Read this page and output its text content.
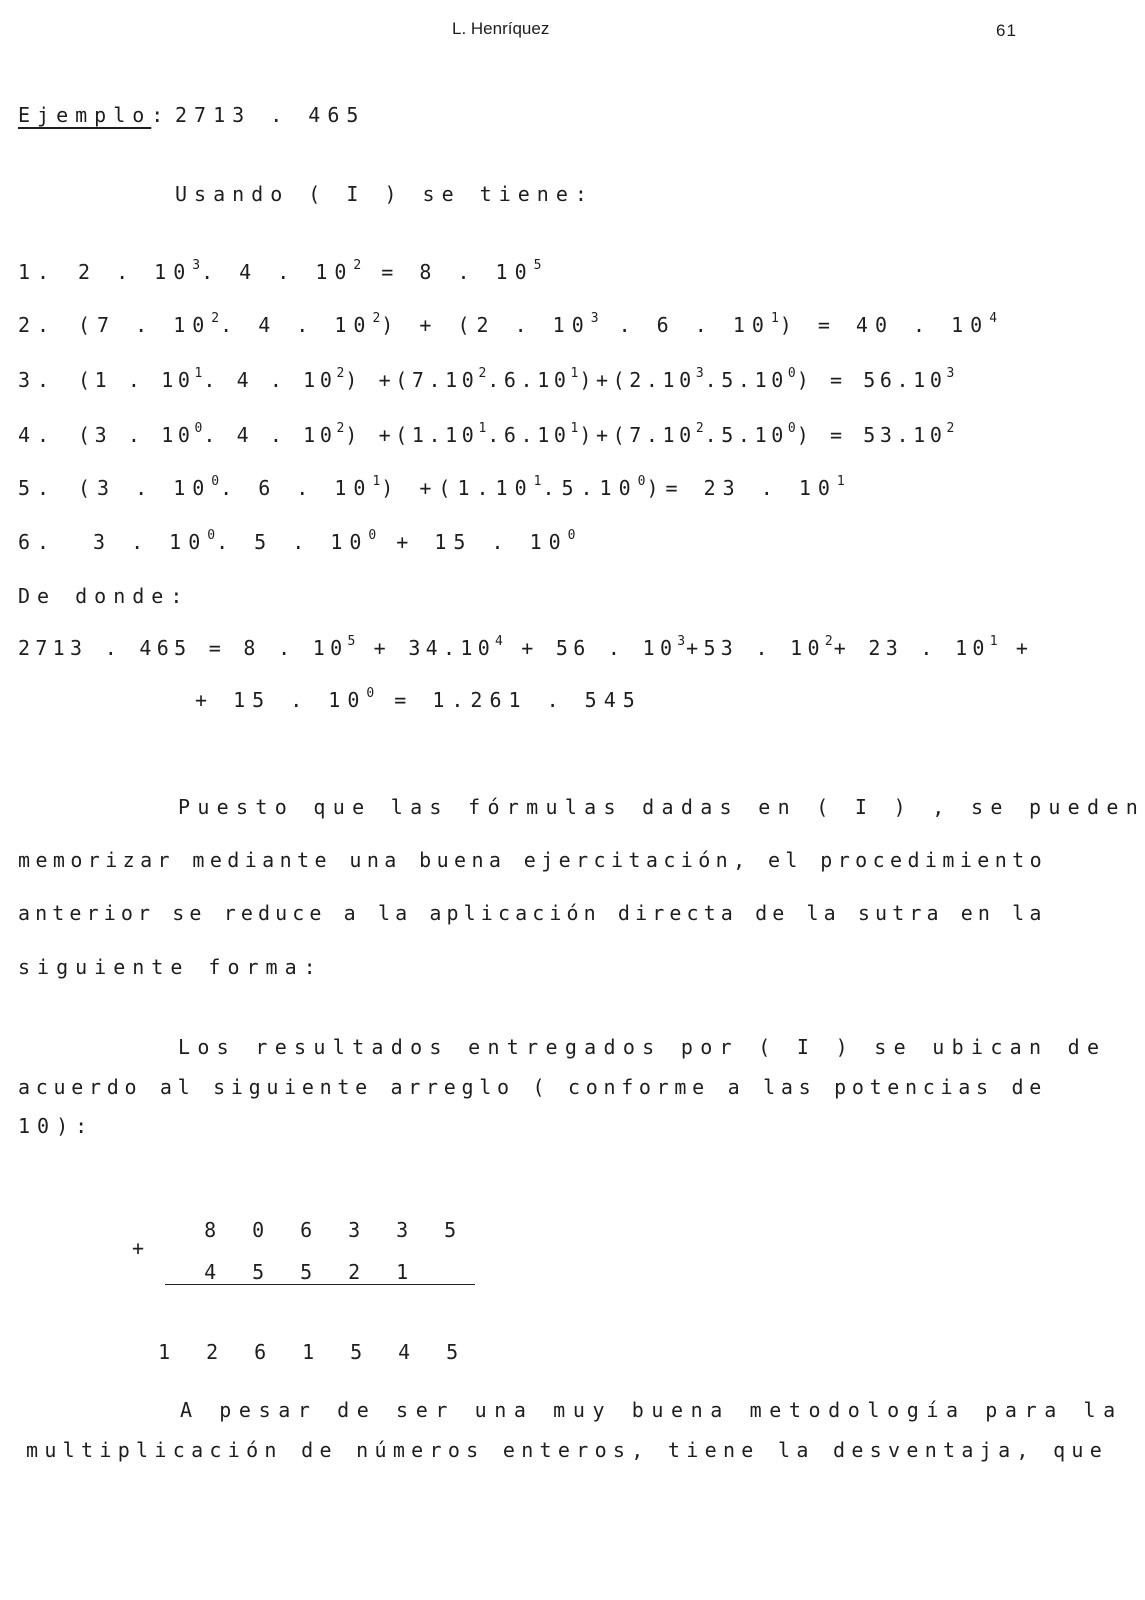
L. Henríquez	61
Ejemplo: 2713 . 465
Usando ( I ) se tiene:
1. 2 . $10^3$. 4 . $10^2 = 8$ . $10^5$
2. (7 . $10^2$. 4 . $10^2) + (2$ . $10^3$ . 6 . $10^1) = 40$ . $10^4$
3. (1 . $10^1$. 4 . $10^2) +(7.10^2.6.10^1)+(2.10^3.5.10^0) = 56.10^3$
4. (3 . $10^0$. 4 . $10^2) +(1.10^1.6.10^1)+(7.10^2.5.10^0) = 53.10^2$
5. (3 . $10^0$. 6 . $10^1) +(1.10^1.5.10^0)= 23$ . $10^1$
6. 3 . $10^0$. 5 . $10^0 + 15$ . $10^0$
De donde:
2713 . 465 = 8 . $10^5 + 34.10^4 + 56$ . $10^3+53$ . $10^2+ 23$ . $10^1$ +
+ 15 . $10^0 = 1.261$ . 545
Puesto que las fórmulas dadas en ( I ) , se pueden
memorizar mediante una buena ejercitación, el procedimiento
anterior se reduce a la aplicación directa de la sutra en la
siguiente forma:
Los resultados entregados por ( I ) se ubican de
acuerdo al siguiente arreglo ( conforme a las potencias de
10):

8 0 6 3 3 5

+

4 5 5 2 1

1 2 6 1 5 4 5

A pesar de ser una muy buena metodología para la
multiplicación de números enteros, tiene la desventaja, que
